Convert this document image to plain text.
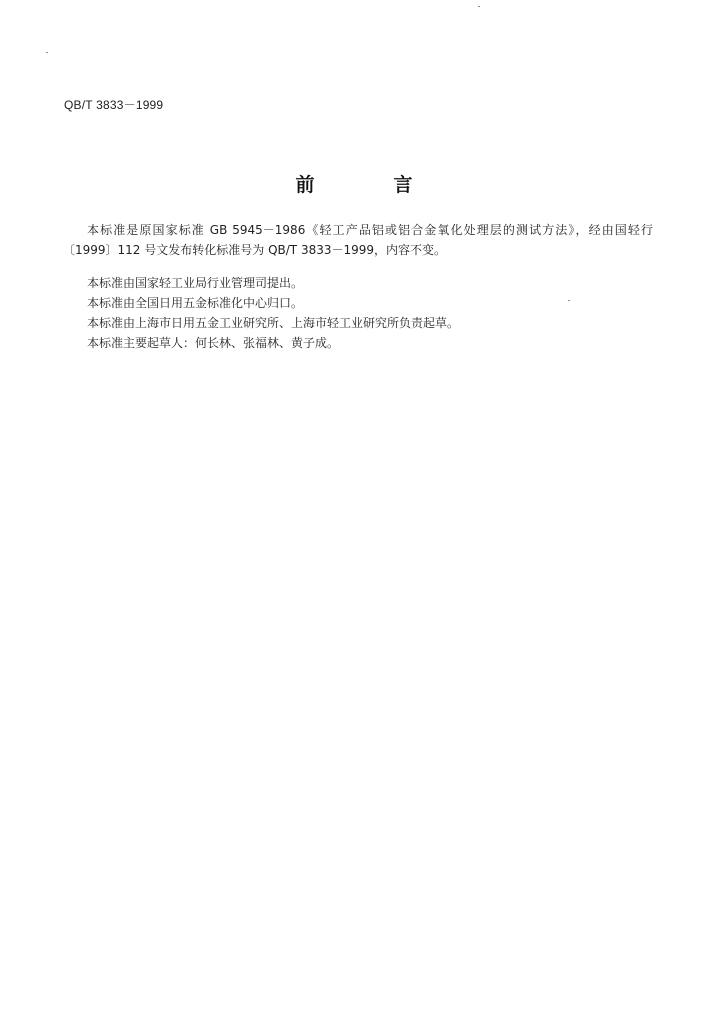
QB/T 3833－1999
前　言

本标准是原国家标准 GB 5945－1986《轻工产品铝或铝合金氧化处理层的测试方法》，经由国轻行〔1999〕112 号文发布转化标准号为 QB/T 3833－1999，内容不变。

本标准由国家轻工业局行业管理司提出。

本标准由全国日用五金标准化中心归口。

本标准由上海市日用五金工业研究所、上海市轻工业研究所负责起草。

本标准主要起草人：何长林、张福林、黄子成。
